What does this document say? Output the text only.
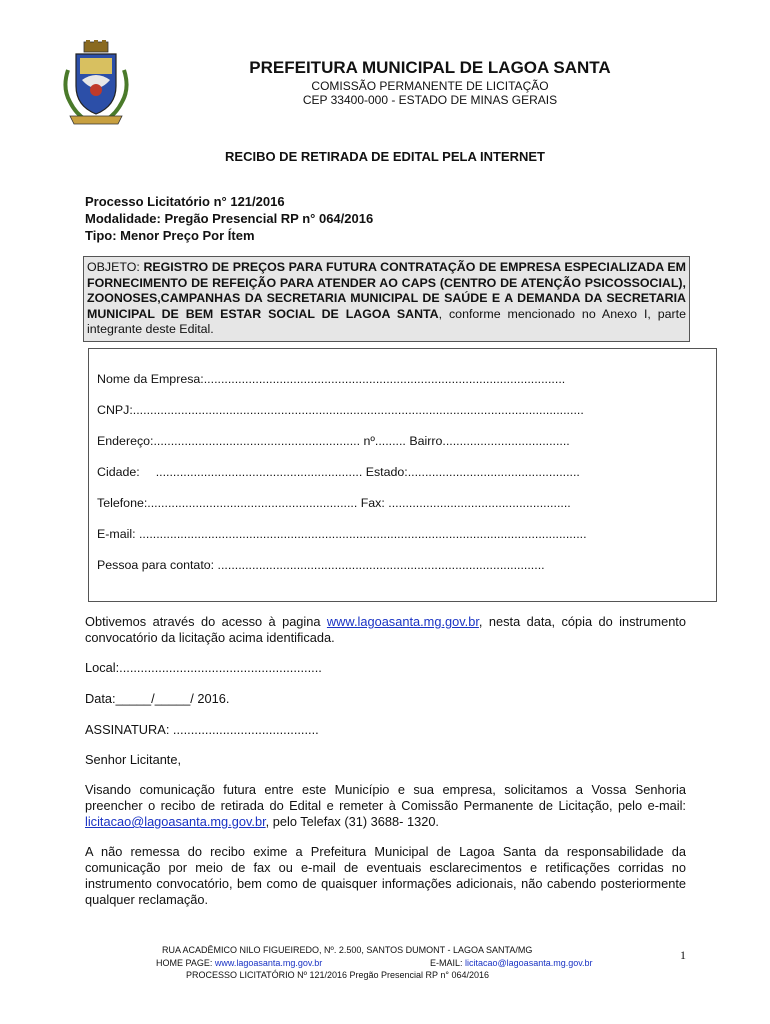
PREFEITURA MUNICIPAL DE LAGOA SANTA
COMISSÃO PERMANENTE DE LICITAÇÃO
CEP 33400-000 - ESTADO DE MINAS GERAIS
RECIBO DE RETIRADA DE EDITAL PELA INTERNET
Processo Licitatório n° 121/2016
Modalidade: Pregão Presencial RP n° 064/2016
Tipo: Menor Preço Por Ítem
OBJETO: REGISTRO DE PREÇOS PARA FUTURA CONTRATAÇÃO DE EMPRESA ESPECIALIZADA EM FORNECIMENTO DE REFEIÇÃO PARA ATENDER AO CAPS (CENTRO DE ATENÇÃO PSICOSSOCIAL), ZOONOSES,CAMPANHAS DA SECRETARIA MUNICIPAL DE SAÚDE E A DEMANDA DA SECRETARIA MUNICIPAL DE BEM ESTAR SOCIAL DE LAGOA SANTA, conforme mencionado no Anexo I, parte integrante deste Edital.
Nome da Empresa:.........................................................................................................
CNPJ:...................................................................................................................................
Endereço:............................................................ nº......... Bairro.....................................
Cidade: ............................................................ Estado:..................................................
Telefone:............................................................. Fax: .....................................................
E-mail: ..................................................................................................................................
Pessoa para contato: ...............................................................................................
Obtivemos através do acesso à pagina www.lagoasanta.mg.gov.br, nesta data, cópia do instrumento convocatório da licitação acima identificada.
Local:.........................................................
Data:_____/_____/ 2016.
ASSINATURA: .........................................
Senhor Licitante,
Visando comunicação futura entre este Município e sua empresa, solicitamos a Vossa Senhoria preencher o recibo de retirada do Edital e remeter à Comissão Permanente de Licitação, pelo e-mail: licitacao@lagoasanta.mg.gov.br, pelo Telefax (31) 3688- 1320.
A não remessa do recibo exime a Prefeitura Municipal de Lagoa Santa da responsabilidade da comunicação por meio de fax ou e-mail de eventuais esclarecimentos e retificações corridas no instrumento convocatório, bem como de quaisquer informações adicionais, não cabendo posteriormente qualquer reclamação.
RUA ACADÊMICO NILO FIGUEIREDO, Nº. 2.500, SANTOS DUMONT - LAGOA SANTA/MG
HOME PAGE: www.lagoasanta.mg.gov.br	E-MAIL: licitacao@lagoasanta.mg.gov.br
PROCESSO LICITATÓRIO Nº 121/2016 Pregão Presencial RP n° 064/2016
1
